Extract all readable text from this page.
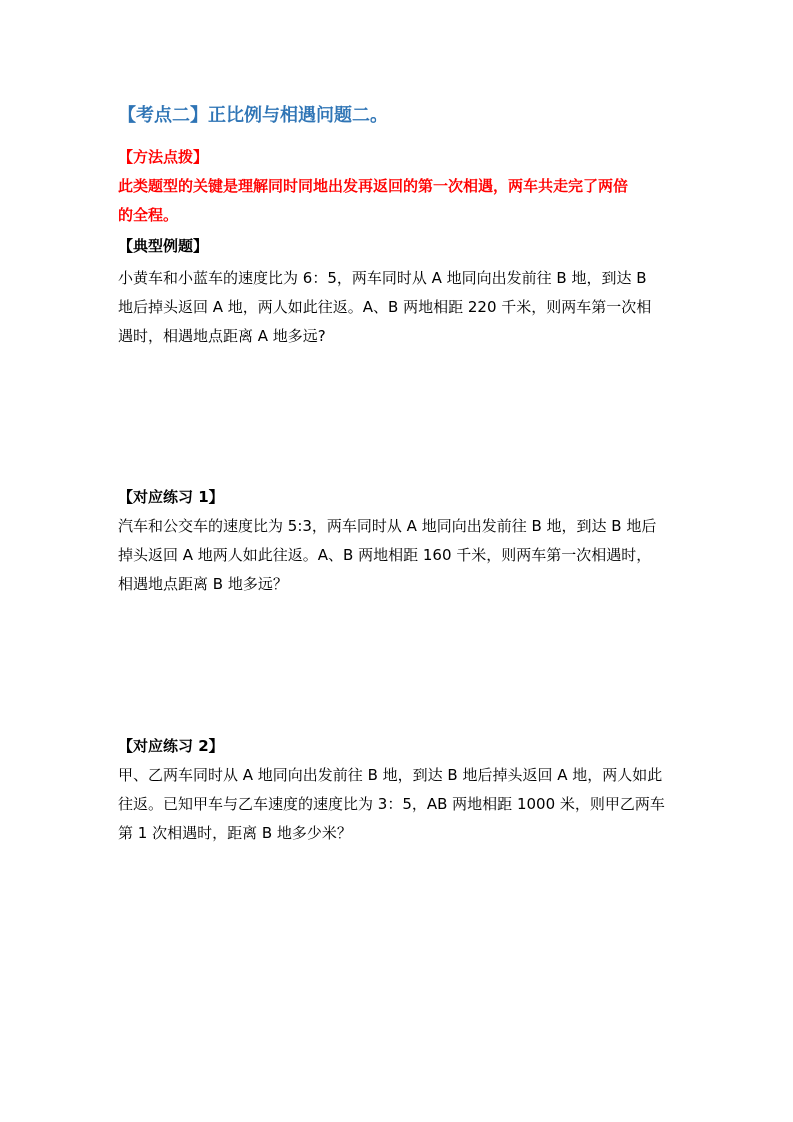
【考点二】正比例与相遇问题二。
【方法点拨】
此类题型的关键是理解同时同地出发再返回的第一次相遇，两车共走完了两倍
的全程。
【典型例题】
小黄车和小蓝车的速度比为 6：5，两车同时从 A 地同向出发前往 B 地，到达 B
地后掉头返回 A 地，两人如此往返。A、B 两地相距 220 千米，则两车第一次相
遇时，相遇地点距离 A 地多远?
【对应练习 1】
汽车和公交车的速度比为 5:3，两车同时从 A 地同向出发前往 B 地，到达 B 地后
掉头返回 A 地两人如此往返。A、B 两地相距 160 千米，则两车第一次相遇时，
相遇地点距离 B 地多远？
【对应练习 2】
甲、乙两车同时从 A 地同向出发前往 B 地，到达 B 地后掉头返回 A 地，两人如此
往返。已知甲车与乙车速度的速度比为 3：5，AB 两地相距 1000 米，则甲乙两车
第 1 次相遇时，距离 B 地多少米？
